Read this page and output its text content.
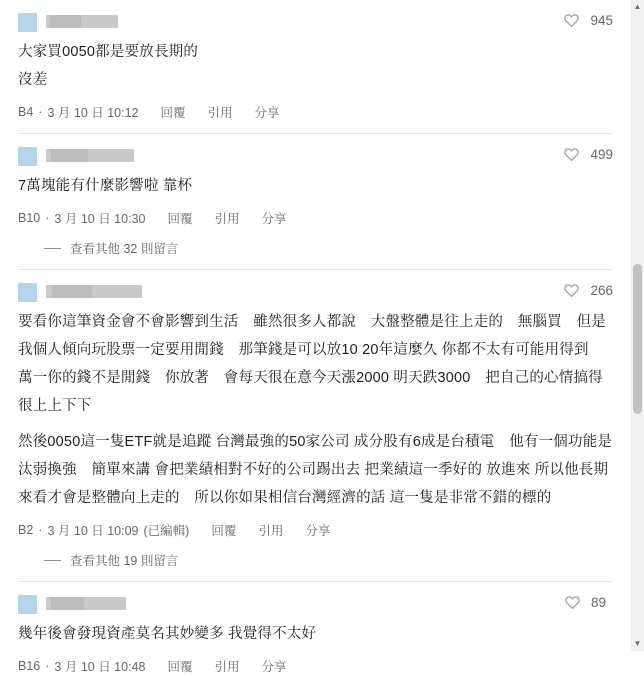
945
大家買0050都是要放長期的
沒差
B4 · 3 月 10 日 10:12 回覆 引用 分享
499
7萬塊能有什麼影響啦 靠杯
B10 · 3 月 10 日 10:30 回覆 引用 分享
查看其他 32 則留言
266
要看你這筆資金會不會影響到生活　雖然很多人都說　大盤整體是往上走的　無腦買　但是我個人傾向玩股票一定要用閒錢　那筆錢是可以放10 20年這麼久 你都不太有可能用得到　萬一你的錢不是閒錢　你放著　會每天很在意今天漲2000 明天跌3000　把自己的心情搞得很上上下下
然後0050這一隻ETF就是追蹤 台灣最強的50家公司 成分股有6成是台積電　他有一個功能是汰弱換強　簡單來講 會把業績相對不好的公司踢出去 把業績這一季好的 放進來 所以他長期來看才會是整體向上走的　所以你如果相信台灣經濟的話 這一隻是非常不錯的標的
B2 · 3 月 10 日 10:09 (已編輯) 回覆 引用 分享
查看其他 19 則留言
89
幾年後會發現資產莫名其妙變多 我覺得不太好
B16 · 3 月 10 日 10:48 回覆 引用 分享
▲
▼
